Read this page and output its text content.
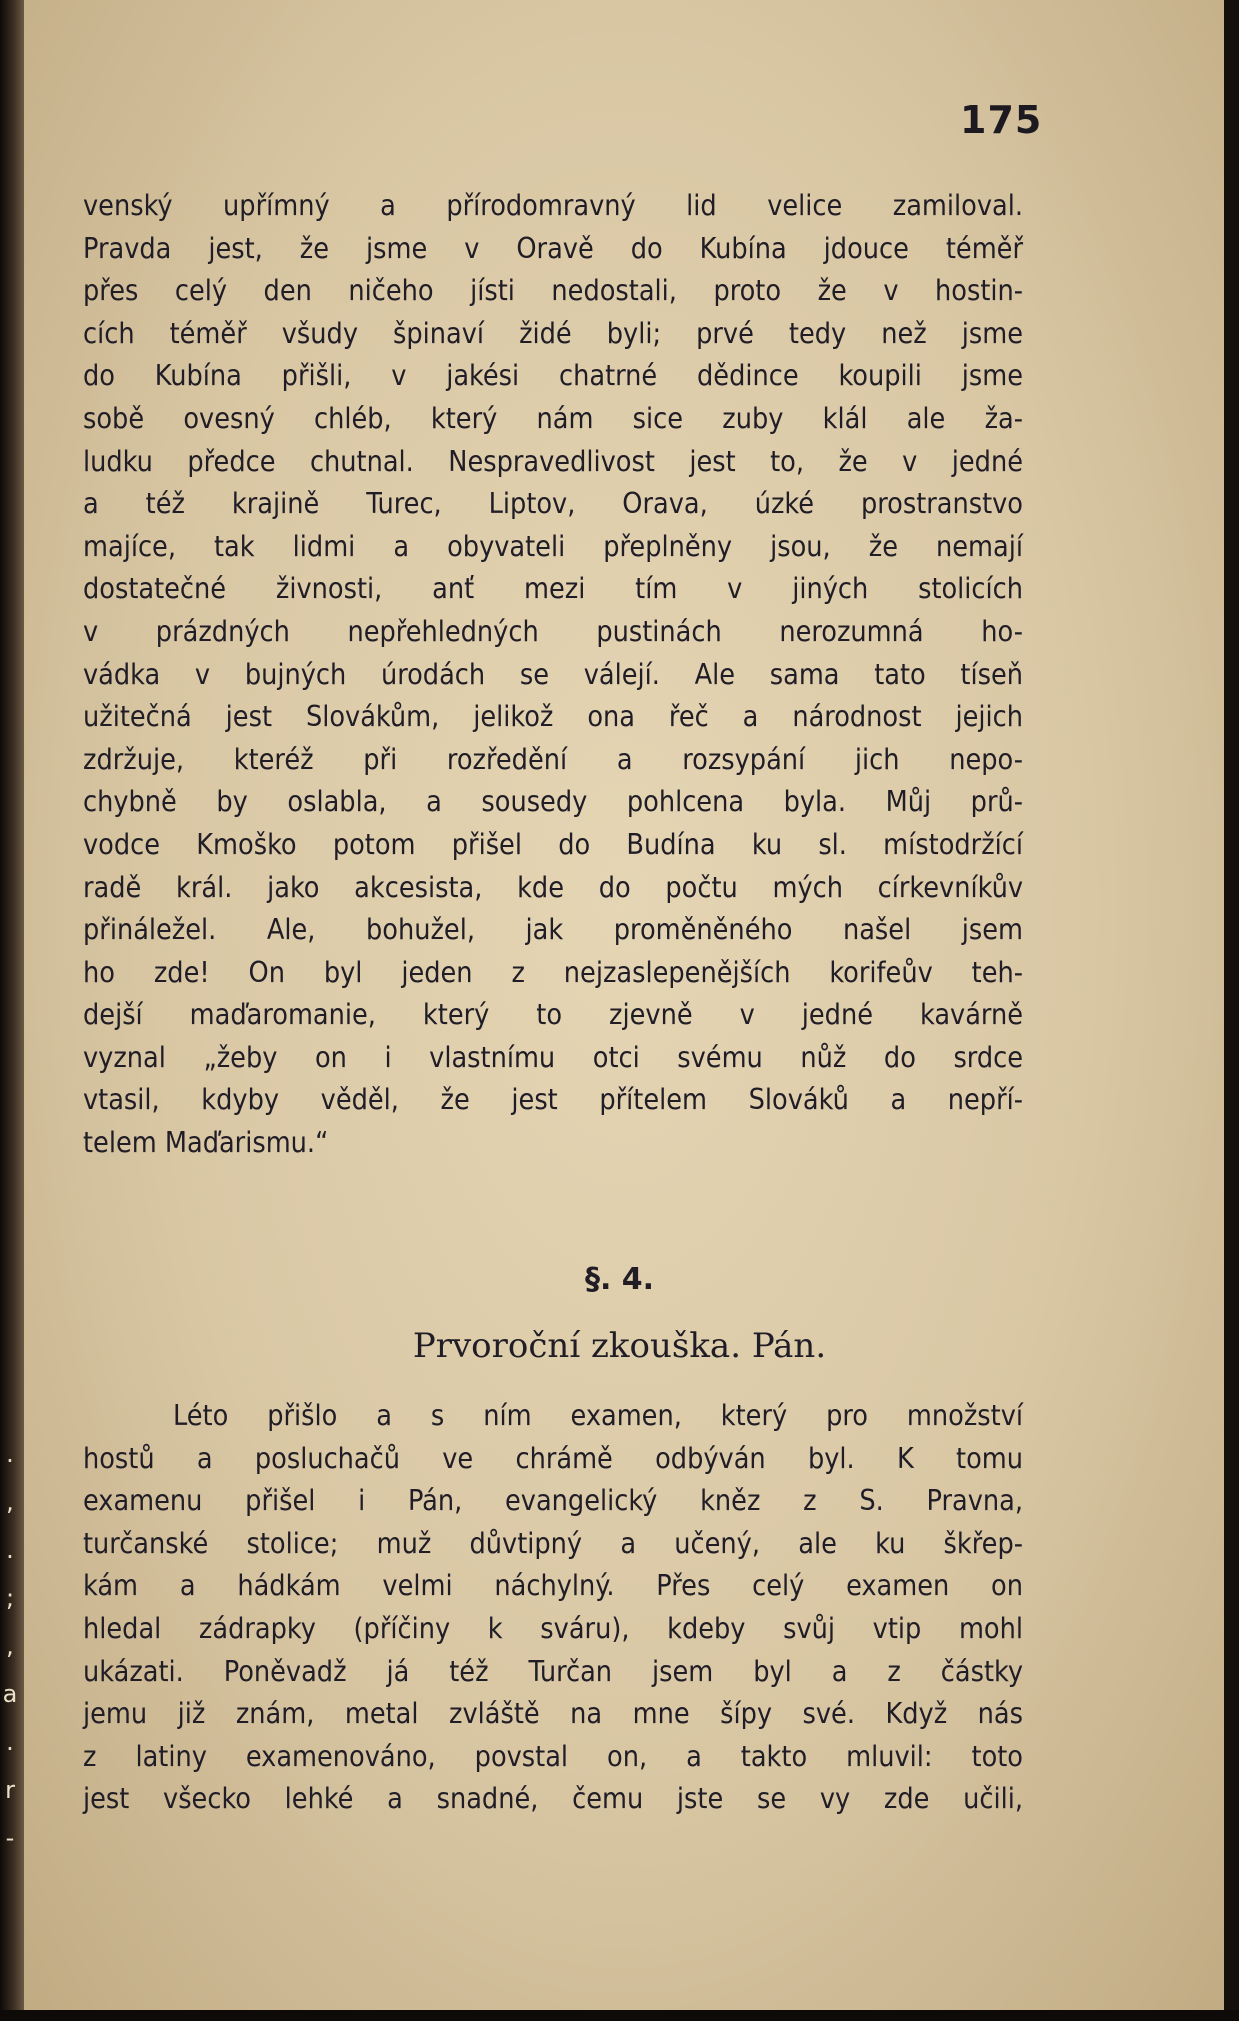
.
,
.
;
,
a
.
r
-
175
venský upřímný a přírodomravný lid velice zamiloval.
Pravda jest, že jsme v Oravě do Kubína jdouce téměř
přes celý den ničeho jísti nedostali, proto že v hostin-
cích téměř všudy špinaví židé byli; prvé tedy než jsme
do Kubína přišli, v jakési chatrné dědince koupili jsme
sobě ovesný chléb, který nám sice zuby klál ale ža-
ludku předce chutnal. Nespravedlivost jest to, že v jedné
a též krajině Turec, Liptov, Orava, úzké prostranstvo
majíce, tak lidmi a obyvateli přeplněny jsou, že nemají
dostatečné živnosti, anť mezi tím v jiných stolicích
v prázdných nepřehledných pustinách nerozumná ho-
vádka v bujných úrodách se válejí. Ale sama tato tíseň
užitečná jest Slovákům, jelikož ona řeč a národnost jejich
zdržuje, kteréž při rozředění a rozsypání jich nepo-
chybně by oslabla, a sousedy pohlcena byla. Můj prů-
vodce Kmoško potom přišel do Budína ku sl. místodržící
radě král. jako akcesista, kde do počtu mých církevníkův
přináležel. Ale, bohužel, jak proměněného našel jsem
ho zde! On byl jeden z nejzaslepenějších korifeův teh-
dejší maďaromanie, který to zjevně v jedné kavárně
vyznal „žeby on i vlastnímu otci svému nůž do srdce
vtasil, kdyby věděl, že jest přítelem Slováků a nepří-
telem Maďarismu.“
§. 4.
Prvoroční zkouška. Pán.
Léto přišlo a s ním examen, který pro množství
hostů a posluchačů ve chrámě odbýván byl. K tomu
examenu přišel i Pán, evangelický kněz z S. Pravna,
turčanské stolice; muž důvtipný a učený, ale ku škřep-
kám a hádkám velmi náchylný. Přes celý examen on
hledal zádrapky (příčiny k sváru), kdeby svůj vtip mohl
ukázati. Poněvadž já též Turčan jsem byl a z částky
jemu již znám, metal zvláště na mne šípy své. Když nás
z latiny examenováno, povstal on, a takto mluvil: toto
jest všecko lehké a snadné, čemu jste se vy zde učili,
